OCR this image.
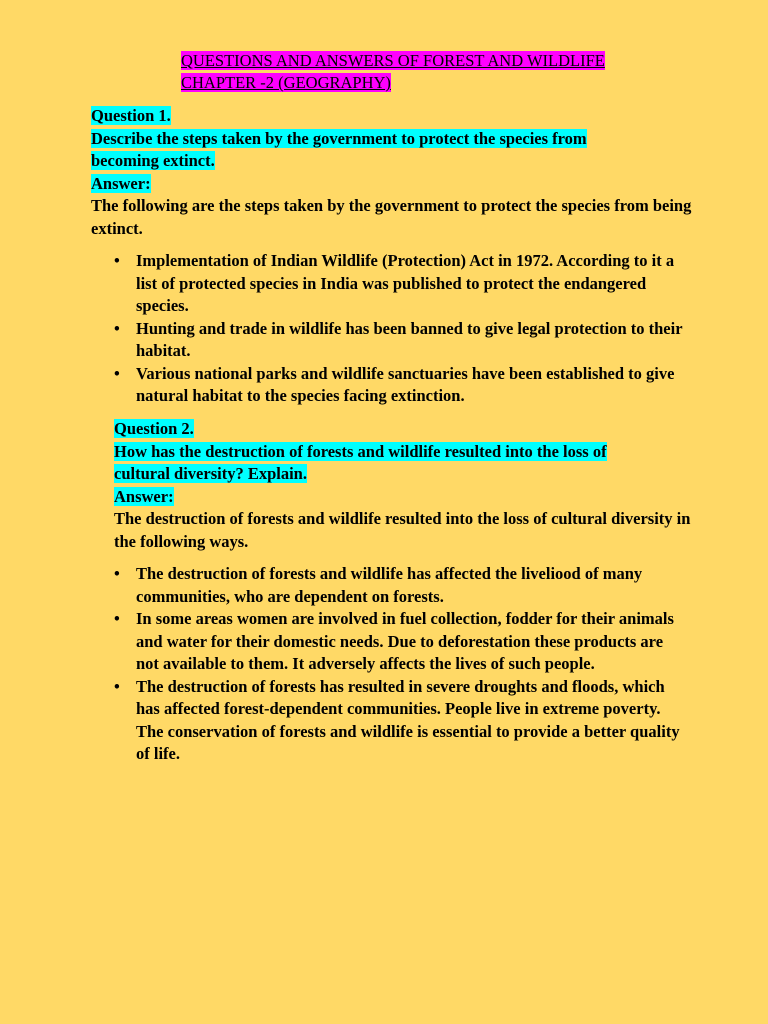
QUESTIONS AND ANSWERS OF FOREST AND WILDLIFE
CHAPTER -2 (GEOGRAPHY)
Question 1.
Describe the steps taken by the government to protect the species from
becoming extinct.
Answer:
The following are the steps taken by the government to protect the species from being extinct.
• Implementation of Indian Wildlife (Protection) Act in 1972. According to it a list of protected species in India was published to protect the endangered species.
• Hunting and trade in wildlife has been banned to give legal protection to their habitat.
• Various national parks and wildlife sanctuaries have been established to give natural habitat to the species facing extinction.
Question 2.
How has the destruction of forests and wildlife resulted into the loss of
cultural diversity? Explain.
Answer:
The destruction of forests and wildlife resulted into the loss of cultural diversity in the following ways.
• The destruction of forests and wildlife has affected the liveliood of many communities, who are dependent on forests.
• In some areas women are involved in fuel collection, fodder for their animals and water for their domestic needs. Due to deforestation these products are not available to them. It adversely affects the lives of such people.
• The destruction of forests has resulted in severe droughts and floods, which has affected forest-dependent communities. People live in extreme poverty.
The conservation of forests and wildlife is essential to provide a better quality of life.
